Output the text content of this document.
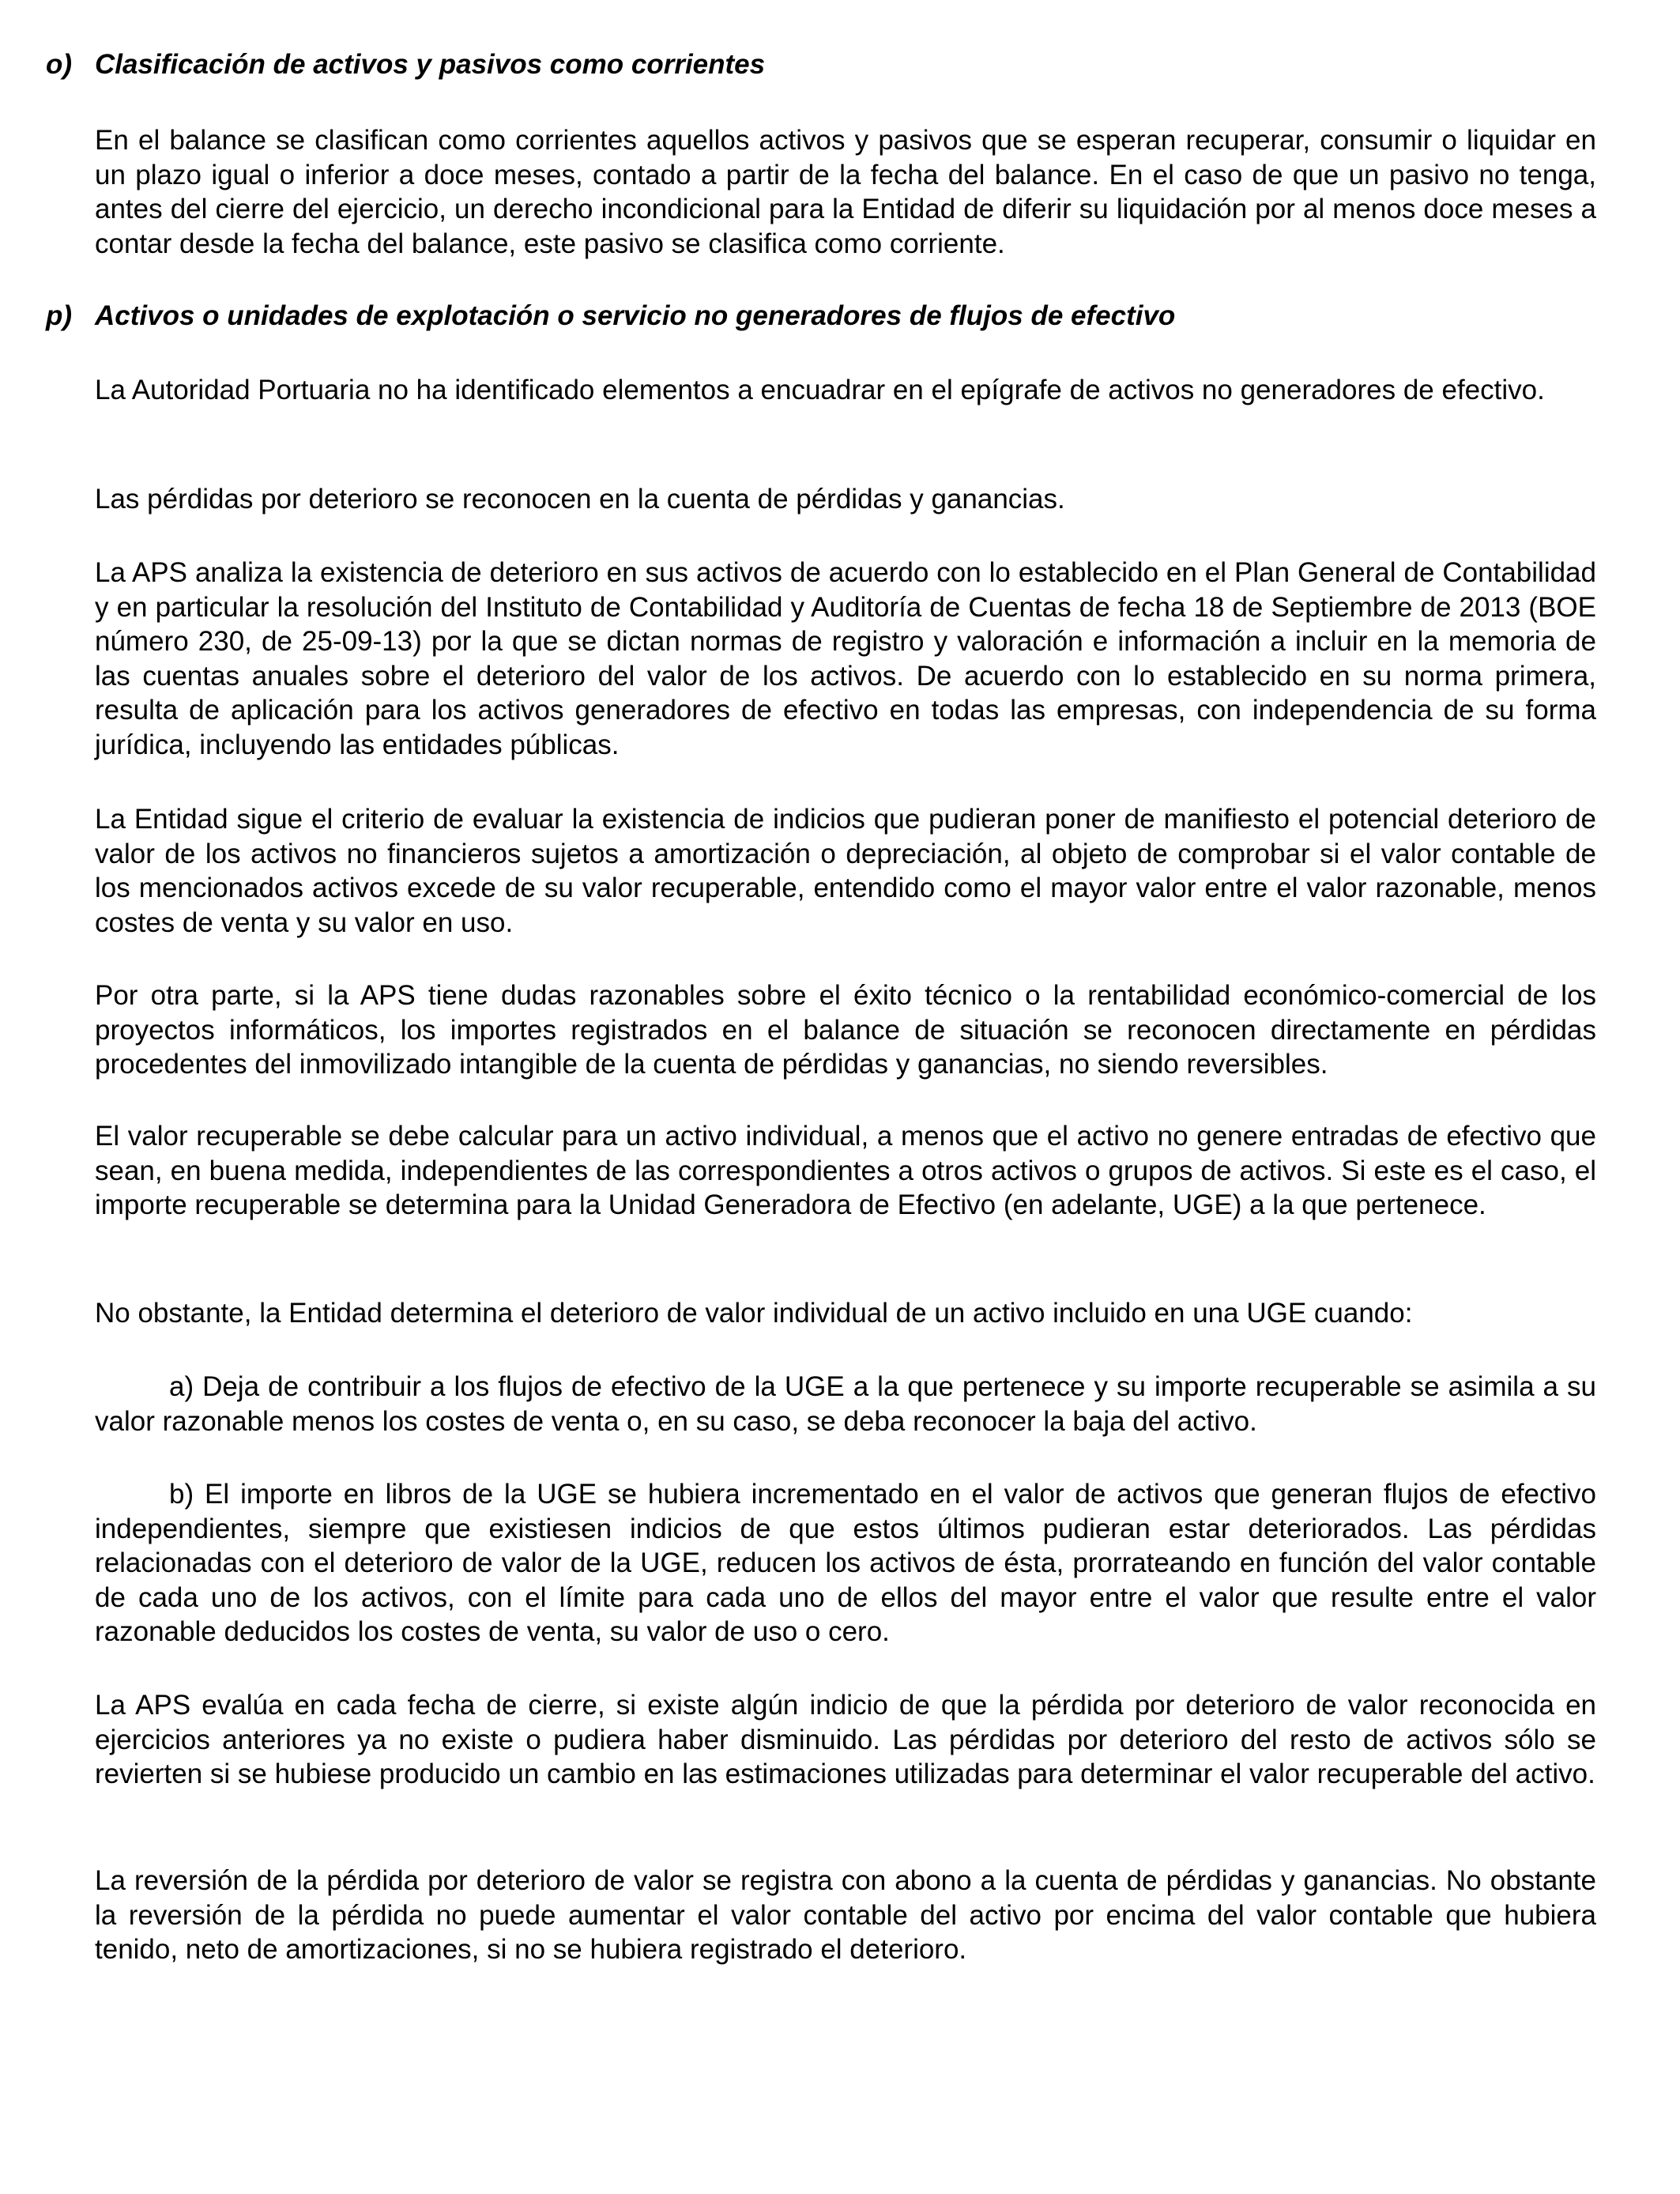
o) Clasificación de activos y pasivos como corrientes

En el balance se clasifican como corrientes aquellos activos y pasivos que se esperan recuperar, consumir o liquidar en un plazo igual o inferior a doce meses, contado a partir de la fecha del balance. En el caso de que un pasivo no tenga, antes del cierre del ejercicio, un derecho incondicional para la Entidad de diferir su liquidación por al menos doce meses a contar desde la fecha del balance, este pasivo se clasifica como corriente.

p) Activos o unidades de explotación o servicio no generadores de flujos de efectivo

La Autoridad Portuaria no ha identificado elementos a encuadrar en el epígrafe de activos no generadores de efectivo.

Las pérdidas por deterioro se reconocen en la cuenta de pérdidas y ganancias.

La APS analiza la existencia de deterioro en sus activos de acuerdo con lo establecido en el Plan General de Contabilidad y en particular la resolución del Instituto de Contabilidad y Auditoría de Cuentas de fecha 18 de Septiembre de 2013 (BOE número 230, de 25-09-13) por la que se dictan normas de registro y valoración e información a incluir en la memoria de las cuentas anuales sobre el deterioro del valor de los activos. De acuerdo con lo establecido en su norma primera, resulta de aplicación para los activos generadores de efectivo en todas las empresas, con independencia de su forma jurídica, incluyendo las entidades públicas.

La Entidad sigue el criterio de evaluar la existencia de indicios que pudieran poner de manifiesto el potencial deterioro de valor de los activos no financieros sujetos a amortización o depreciación, al objeto de comprobar si el valor contable de los mencionados activos excede de su valor recuperable, entendido como el mayor valor entre el valor razonable, menos costes de venta y su valor en uso.

Por otra parte, si la APS tiene dudas razonables sobre el éxito técnico o la rentabilidad económico-comercial de los proyectos informáticos, los importes registrados en el balance de situación se reconocen directamente en pérdidas procedentes del inmovilizado intangible de la cuenta de pérdidas y ganancias, no siendo reversibles.

El valor recuperable se debe calcular para un activo individual, a menos que el activo no genere entradas de efectivo que sean, en buena medida, independientes de las correspondientes a otros activos o grupos de activos. Si este es el caso, el importe recuperable se determina para la Unidad Generadora de Efectivo (en adelante, UGE) a la que pertenece.

No obstante, la Entidad determina el deterioro de valor individual de un activo incluido en una UGE cuando:

a) Deja de contribuir a los flujos de efectivo de la UGE a la que pertenece y su importe recuperable se asimila a su valor razonable menos los costes de venta o, en su caso, se deba reconocer la baja del activo.

b) El importe en libros de la UGE se hubiera incrementado en el valor de activos que generan flujos de efectivo independientes, siempre que existiesen indicios de que estos últimos pudieran estar deteriorados. Las pérdidas relacionadas con el deterioro de valor de la UGE, reducen los activos de ésta, prorrateando en función del valor contable de cada uno de los activos, con el límite para cada uno de ellos del mayor entre el valor que resulte entre el valor razonable deducidos los costes de venta, su valor de uso o cero.

La APS evalúa en cada fecha de cierre, si existe algún indicio de que la pérdida por deterioro de valor reconocida en ejercicios anteriores ya no existe o pudiera haber disminuido. Las pérdidas por deterioro del resto de activos sólo se revierten si se hubiese producido un cambio en las estimaciones utilizadas para determinar el valor recuperable del activo.

La reversión de la pérdida por deterioro de valor se registra con abono a la cuenta de pérdidas y ganancias. No obstante la reversión de la pérdida no puede aumentar el valor contable del activo por encima del valor contable que hubiera tenido, neto de amortizaciones, si no se hubiera registrado el deterioro.
